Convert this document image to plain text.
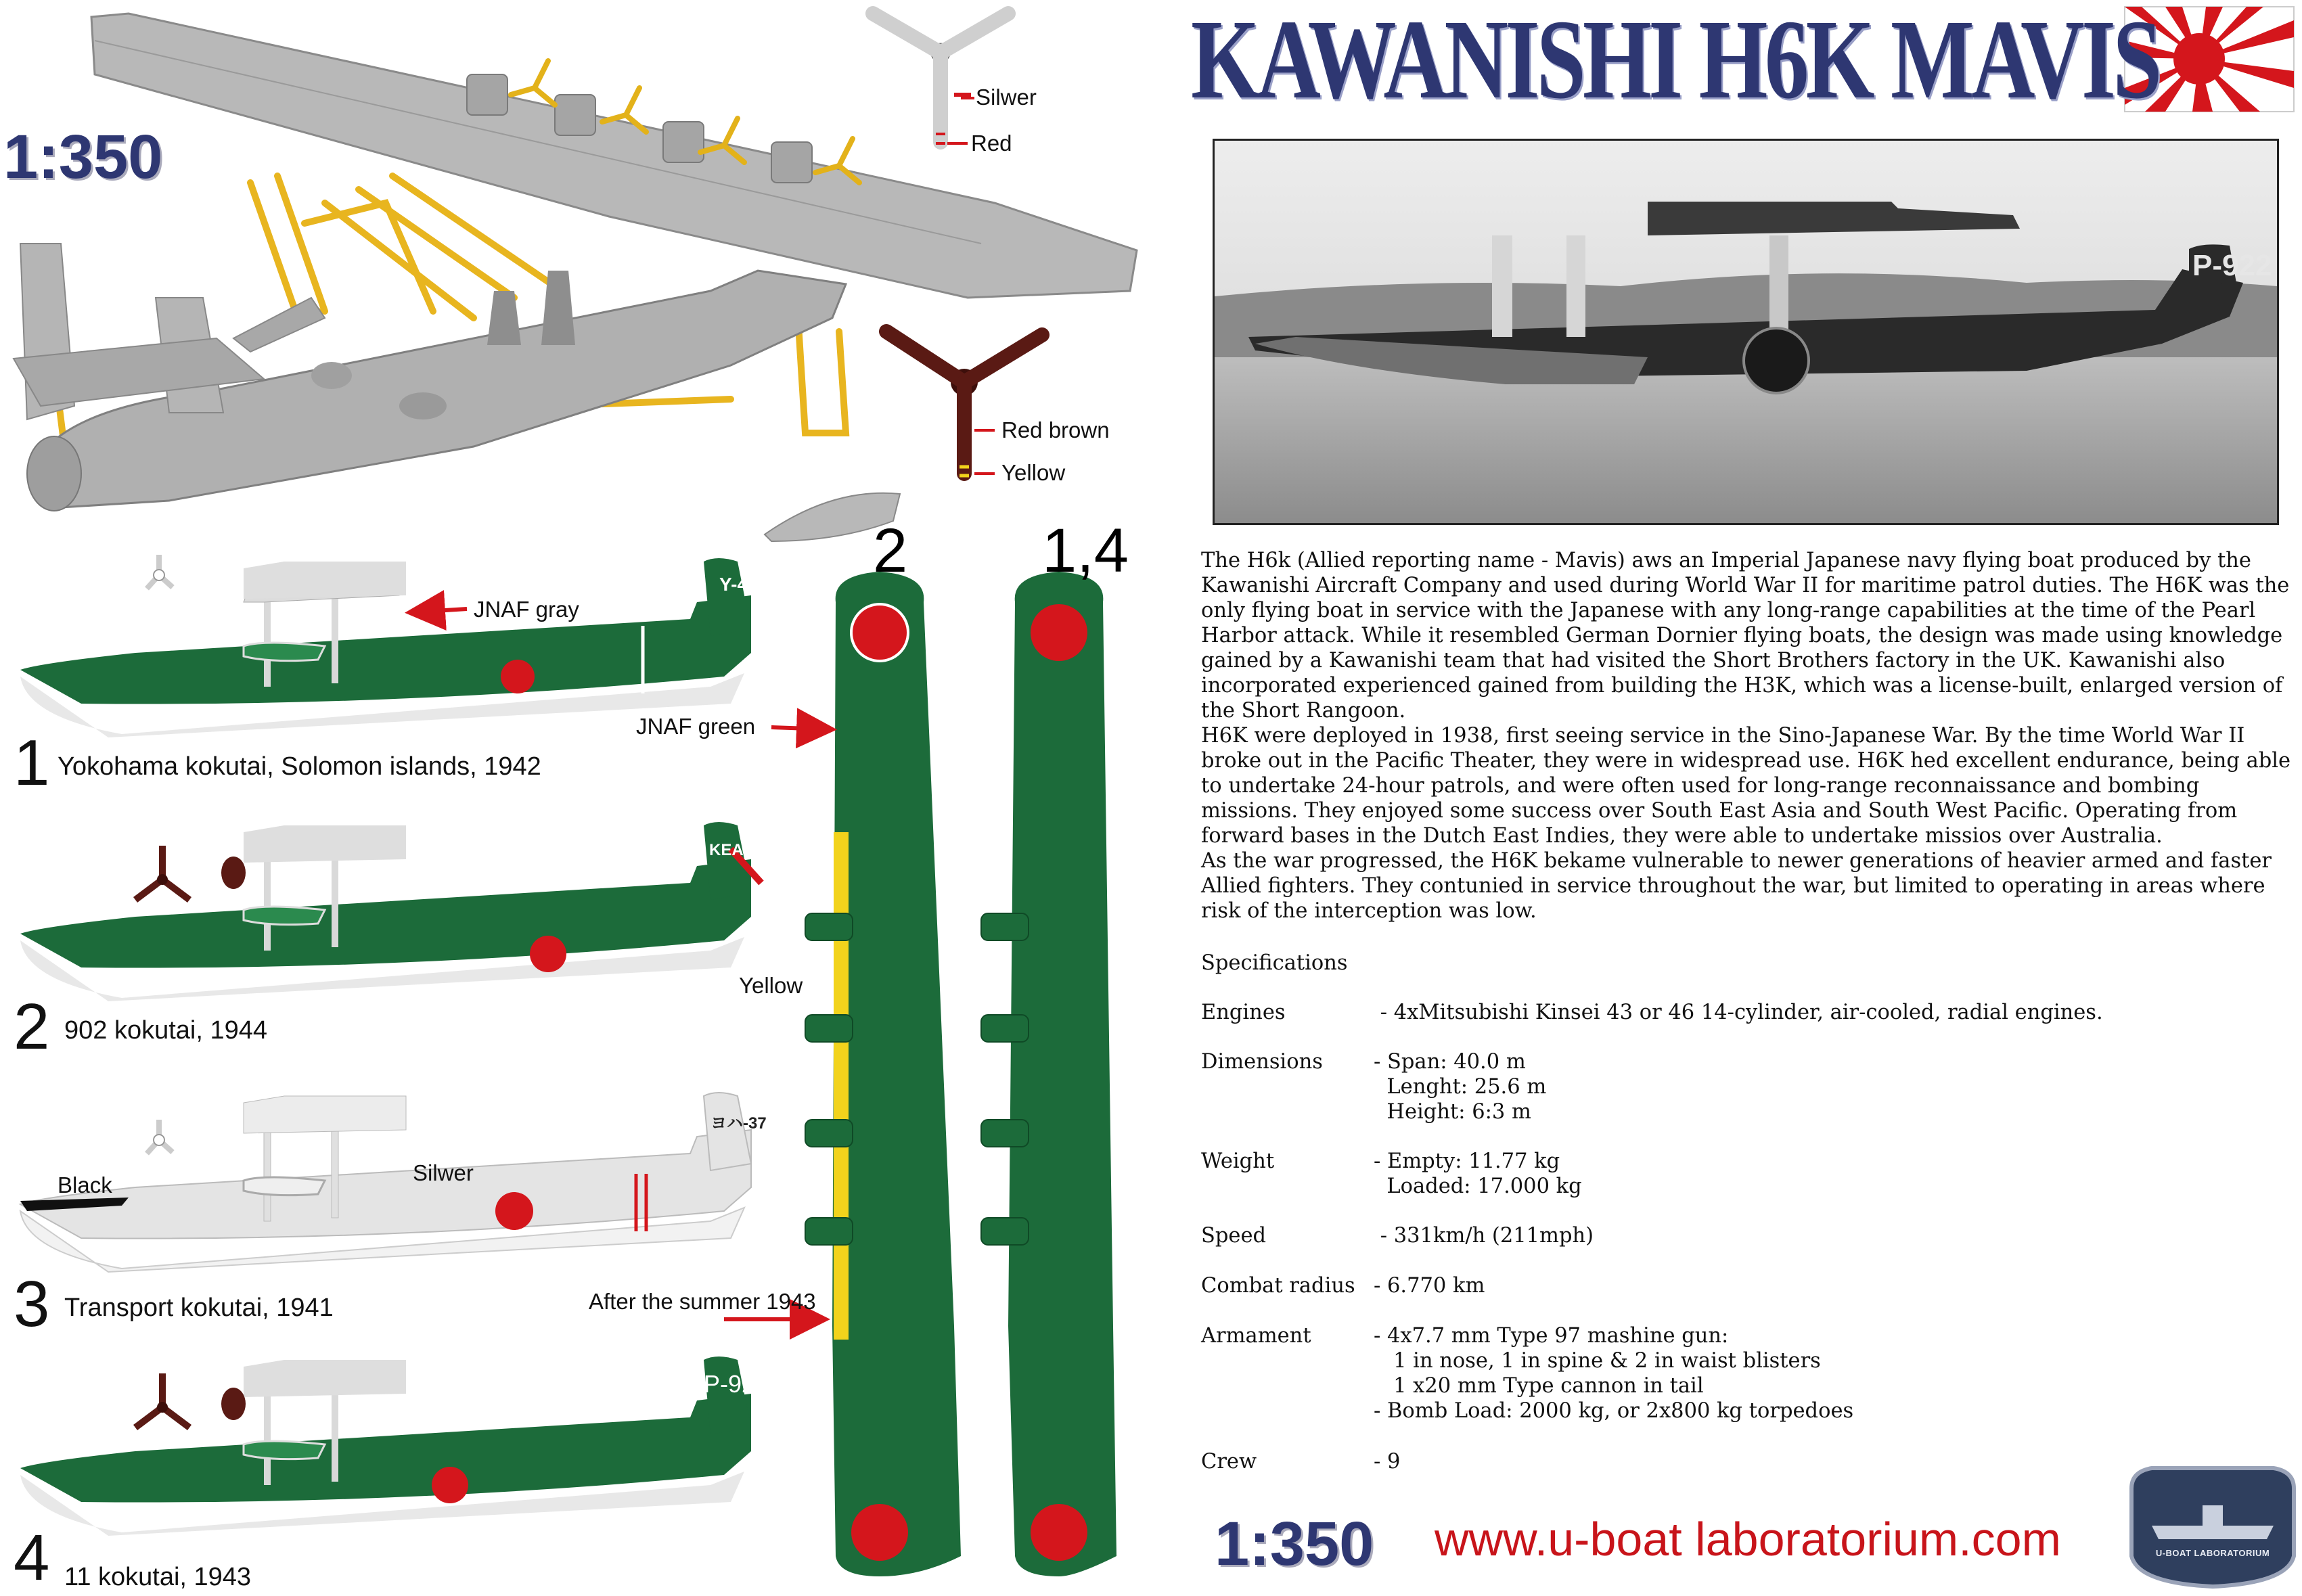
KAWANISHI H6K MAVIS
1:350
1:350
Silwer
Red
Red brown
Yellow
JNAF gray
JNAF green
Yellow
Black	Silwer
After the summer 1943
2 1,4
Y-41
KEA59
ヨハ-37
P-922
1 Yokohama kokutai, Solomon islands, 1942
2 902 kokutai, 1944
3 Transport kokutai, 1941
4 11 kokutai, 1943
P-922

The H6k (Allied reporting name - Mavis) aws an Imperial Japanese navy flying boat produced by the Kawanishi Aircraft Company and used during World War II for maritime patrol duties. The H6K was the only flying boat in service with the Japanese with any long-range capabilities at the time of the Pearl Harbor attack. While it resembled German Dornier flying boats, the design was made using knowledge gained by a Kawanishi team that had visited the Short Brothers factory in the UK. Kawanishi also incorporated experienced gained from building the H3K, which was a license-built, enlarged version of the Short Rangoon.

H6K were deployed in 1938, first seeing service in the Sino-Japanese War. By the time World War II broke out in the Pacific Theater, they were in widespread use. H6K hed excellent endurance, being able to undertake 24-hour patrols, and were often used for long-range reconnaissance and bombing missions. They enjoyed some success over South East Asia and South West Pacific. Operating from forward bases in the Dutch East Indies, they were able to undertake missios over Australia.

As the war progressed, the H6K bekame vulnerable to newer generations of heavier armed and faster Allied fighters. They contunied in service throughout the war, but limited to operating in areas where risk of the interception was low.

Specifications
Engines	- 4xMitsubishi Kinsei 43 or 46 14-cylinder, air-cooled, radial engines.
Dimensions - Span: 40.0 m
Lenght: 25.6 m
Height: 6:3 m
Weight	- Empty: 11.77 kg
Loaded: 17.000 kg
Speed	- 331km/h (211mph)
Combat radius - 6.770 km
Armament	- 4x7.7 mm Type 97 mashine gun:
1 in nose, 1 in spine & 2 in waist blisters
1 x20 mm Type cannon in tail
- Bomb Load: 2000 kg, or 2x800 kg torpedoes
Crew	- 9
www.u-boat laboratorium.com	U-BOAT LABORATORIUM
